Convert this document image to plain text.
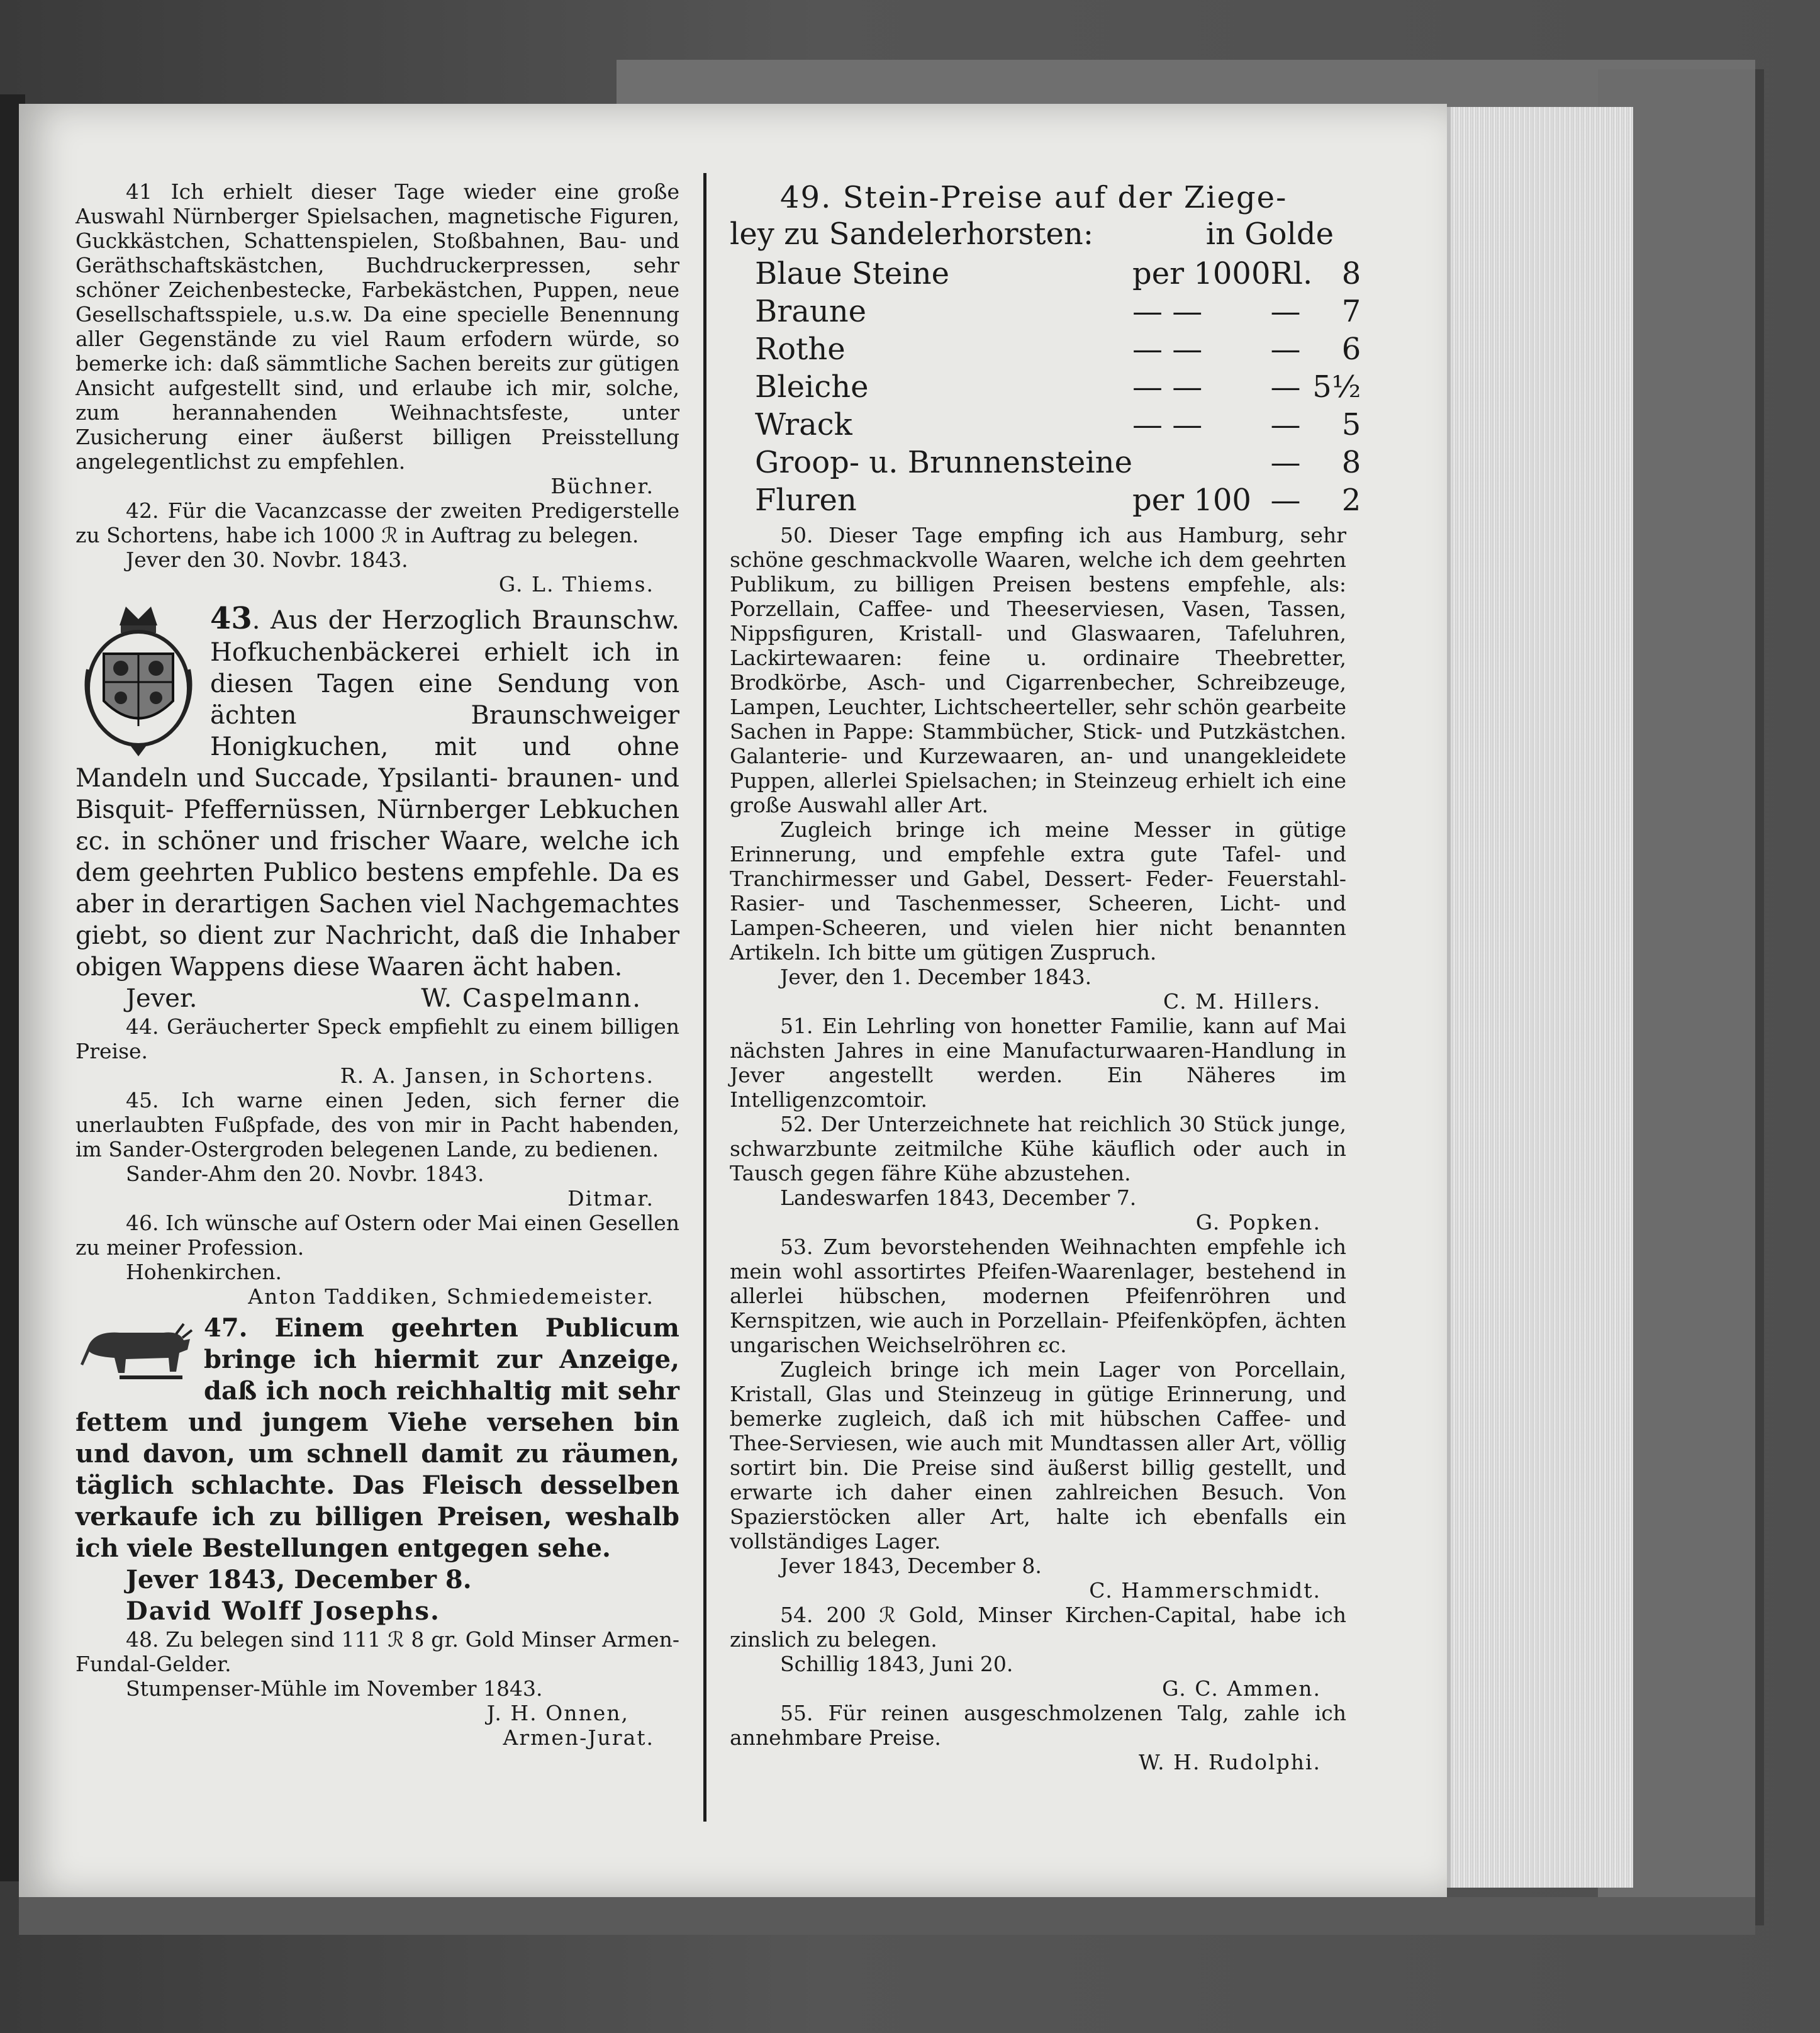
41 Ich erhielt dieser Tage wieder eine große Auswahl Nürnberger Spielsachen, magnetische Figuren, Guckkästchen, Schattenspielen, Stoßbahnen, Bau- und Geräthschaftskästchen, Buchdruckerpressen, sehr schöner Zeichenbestecke, Farbekästchen, Puppen, neue Gesellschaftsspiele, u.s.w. Da eine specielle Benennung aller Gegenstände zu viel Raum erfodern würde, so bemerke ich: daß sämmtliche Sachen bereits zur gütigen Ansicht aufgestellt sind, und erlaube ich mir, solche, zum herannahenden Weihnachtsfeste, unter Zusicherung einer äußerst billigen Preisstellung angelegentlichst zu empfehlen.

Büchner.

42. Für die Vacanzcasse der zweiten Predigerstelle zu Schortens, habe ich 1000 ℛ in Auftrag zu belegen.

Jever den 30. Novbr. 1843.

G. L. Thiems.

43. Aus der Herzoglich Braunschw. Hofkuchenbäckerei erhielt ich in diesen Tagen eine Sendung von ächten Braunschweiger Honigkuchen, mit und ohne Mandeln und Succade, Ypsilanti- braunen- und Bisquit- Pfeffernüssen, Nürnberger Lebkuchen ɛc. in schöner und frischer Waare, welche ich dem geehrten Publico bestens empfehle. Da es aber in derartigen Sachen viel Nachgemachtes giebt, so dient zur Nachricht, daß die Inhaber obigen Wappens diese Waaren ächt haben.

Jever.	W. Caspelmann.

44. Geräucherter Speck empfiehlt zu einem billigen Preise.

R. A. Jansen, in Schortens.

45. Ich warne einen Jeden, sich ferner die unerlaubten Fußpfade, des von mir in Pacht habenden, im Sander-Ostergroden belegenen Lande, zu bedienen.

Sander-Ahm den 20. Novbr. 1843.

Ditmar.

46. Ich wünsche auf Ostern oder Mai einen Gesellen zu meiner Profession.

Hohenkirchen.

Anton Taddiken, Schmiedemeister.

47. Einem geehrten Publicum bringe ich hiermit zur Anzeige, daß ich noch reichhaltig mit sehr fettem und jungem Viehe versehen bin und davon, um schnell damit zu räumen, täglich schlachte. Das Fleisch desselben verkaufe ich zu billigen Preisen, weshalb ich viele Bestellungen entgegen sehe.

Jever 1843, December 8.

David Wolff Josephs.

48. Zu belegen sind 111 ℛ 8 gr. Gold Minser Armen-Fundal-Gelder.

Stumpenser-Mühle im November 1843.

J. H. Onnen,

Armen-Jurat.

49. Stein-Preise auf der Ziege-
ley zu Sandelerhorsten:	in Golde
Blaue Steine	per 1000	Rl.	8
Braune	— —	—	7
Rothe	— —	—	6
Bleiche	— —	—	5½
Wrack	— —	—	5
Groop- u. Brunnensteine		—	8
Fluren	per 100	—	2

50. Dieser Tage empfing ich aus Hamburg, sehr schöne geschmackvolle Waaren, welche ich dem geehrten Publikum, zu billigen Preisen bestens empfehle, als: Porzellain, Caffee- und Theeserviesen, Vasen, Tassen, Nippsfiguren, Kristall- und Glaswaaren, Tafeluhren, Lackirtewaaren: feine u. ordinaire Theebretter, Brodkörbe, Asch- und Cigarrenbecher, Schreibzeuge, Lampen, Leuchter, Lichtscheerteller, sehr schön gearbeite Sachen in Pappe: Stammbücher, Stick- und Putzkästchen. Galanterie- und Kurzewaaren, an- und unangekleidete Puppen, allerlei Spielsachen; in Steinzeug erhielt ich eine große Auswahl aller Art.

Zugleich bringe ich meine Messer in gütige Erinnerung, und empfehle extra gute Tafel- und Tranchirmesser und Gabel, Dessert- Feder- Feuerstahl- Rasier- und Taschenmesser, Scheeren, Licht- und Lampen-Scheeren, und vielen hier nicht benannten Artikeln. Ich bitte um gütigen Zuspruch.

Jever, den 1. December 1843.

C. M. Hillers.

51. Ein Lehrling von honetter Familie, kann auf Mai nächsten Jahres in eine Manufacturwaaren-Handlung in Jever angestellt werden. Ein Näheres im Intelligenzcomtoir.

52. Der Unterzeichnete hat reichlich 30 Stück junge, schwarzbunte zeitmilche Kühe käuflich oder auch in Tausch gegen fähre Kühe abzustehen.

Landeswarfen 1843, December 7.

G. Popken.

53. Zum bevorstehenden Weihnachten empfehle ich mein wohl assortirtes Pfeifen-Waarenlager, bestehend in allerlei hübschen, modernen Pfeifenröhren und Kernspitzen, wie auch in Porzellain- Pfeifenköpfen, ächten ungarischen Weichselröhren ɛc.

Zugleich bringe ich mein Lager von Porcellain, Kristall, Glas und Steinzeug in gütige Erinnerung, und bemerke zugleich, daß ich mit hübschen Caffee- und Thee-Serviesen, wie auch mit Mundtassen aller Art, völlig sortirt bin. Die Preise sind äußerst billig gestellt, und erwarte ich daher einen zahlreichen Besuch. Von Spazierstöcken aller Art, halte ich ebenfalls ein vollständiges Lager.

Jever 1843, December 8.

C. Hammerschmidt.

54. 200 ℛ Gold, Minser Kirchen-Capital, habe ich zinslich zu belegen.

Schillig 1843, Juni 20.

G. C. Ammen.

55. Für reinen ausgeschmolzenen Talg, zahle ich annehmbare Preise.

W. H. Rudolphi.
